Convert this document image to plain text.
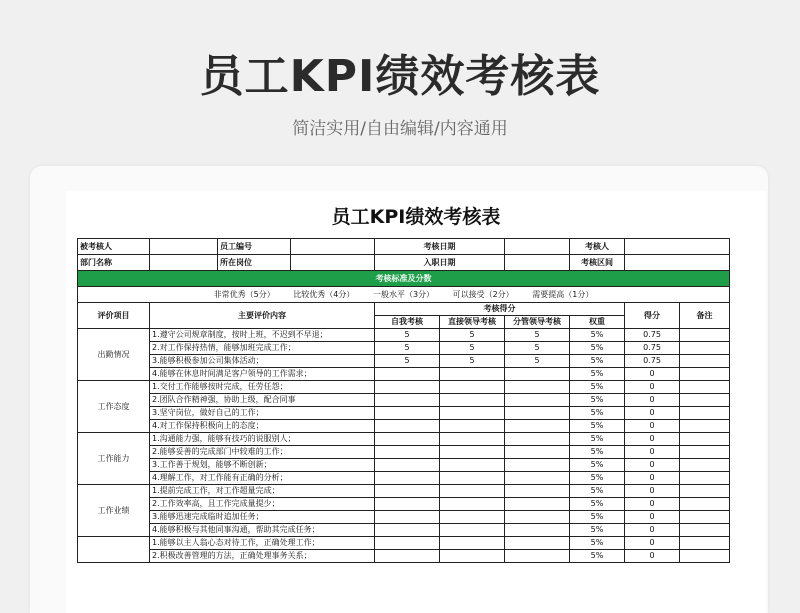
员工KPI绩效考核表
简洁实用/自由编辑/内容通用
员工KPI绩效考核表
被考核人		员工编号		考核日期			考核人		
部门名称		所在岗位		入职日期			考核区间		
考核标准及分数									
非常优秀（5分） 比较优秀（4分） 一般水平（3分） 可以接受（2分） 需要提高（1分）									
评价项目	主要评价内容			考核得分				得分	备注
				自我考核	直接领导考核	分管领导考核	权重		
出勤情况	1.遵守公司规章制度，按时上班，不迟到不早退；			5	5	5	5%	0.75	
	2.对工作保持热情，能够加班完成工作；			5	5	5	5%	0.75	
	3.能够积极参加公司集体活动；			5	5	5	5%	0.75	
	4.能够在休息时间满足客户领导的工作需求；						5%	0	
工作态度	1.交付工作能够按时完成，任劳任怨；						5%	0	
	2.团队合作精神强，协助上级，配合同事						5%	0	
	3.坚守岗位，做好自己的工作；						5%	0	
	4.对工作保持积极向上的态度；						5%	0	
工作能力	1.沟通能力强，能够有技巧的说服别人；						5%	0	
	2.能够妥善的完成部门中较难的工作；						5%	0	
	3.工作善于规划，能够不断创新；						5%	0	
	4.理解工作，对工作能有正确的分析；						5%	0	
工作业绩	1.提前完成工作，对工作超量完成；						5%	0	
	2.工作效率高，且工作完成量提少；						5%	0	
	3.能够迅速完成临时追加任务；						5%	0	
	4.能够积极与其他同事沟通，帮助其完成任务；						5%	0	
	1.能够以主人翁心态对待工作，正确处理工作；						5%	0	
	2.积极改善管理的方法，正确处理事务关系；						5%	0	
